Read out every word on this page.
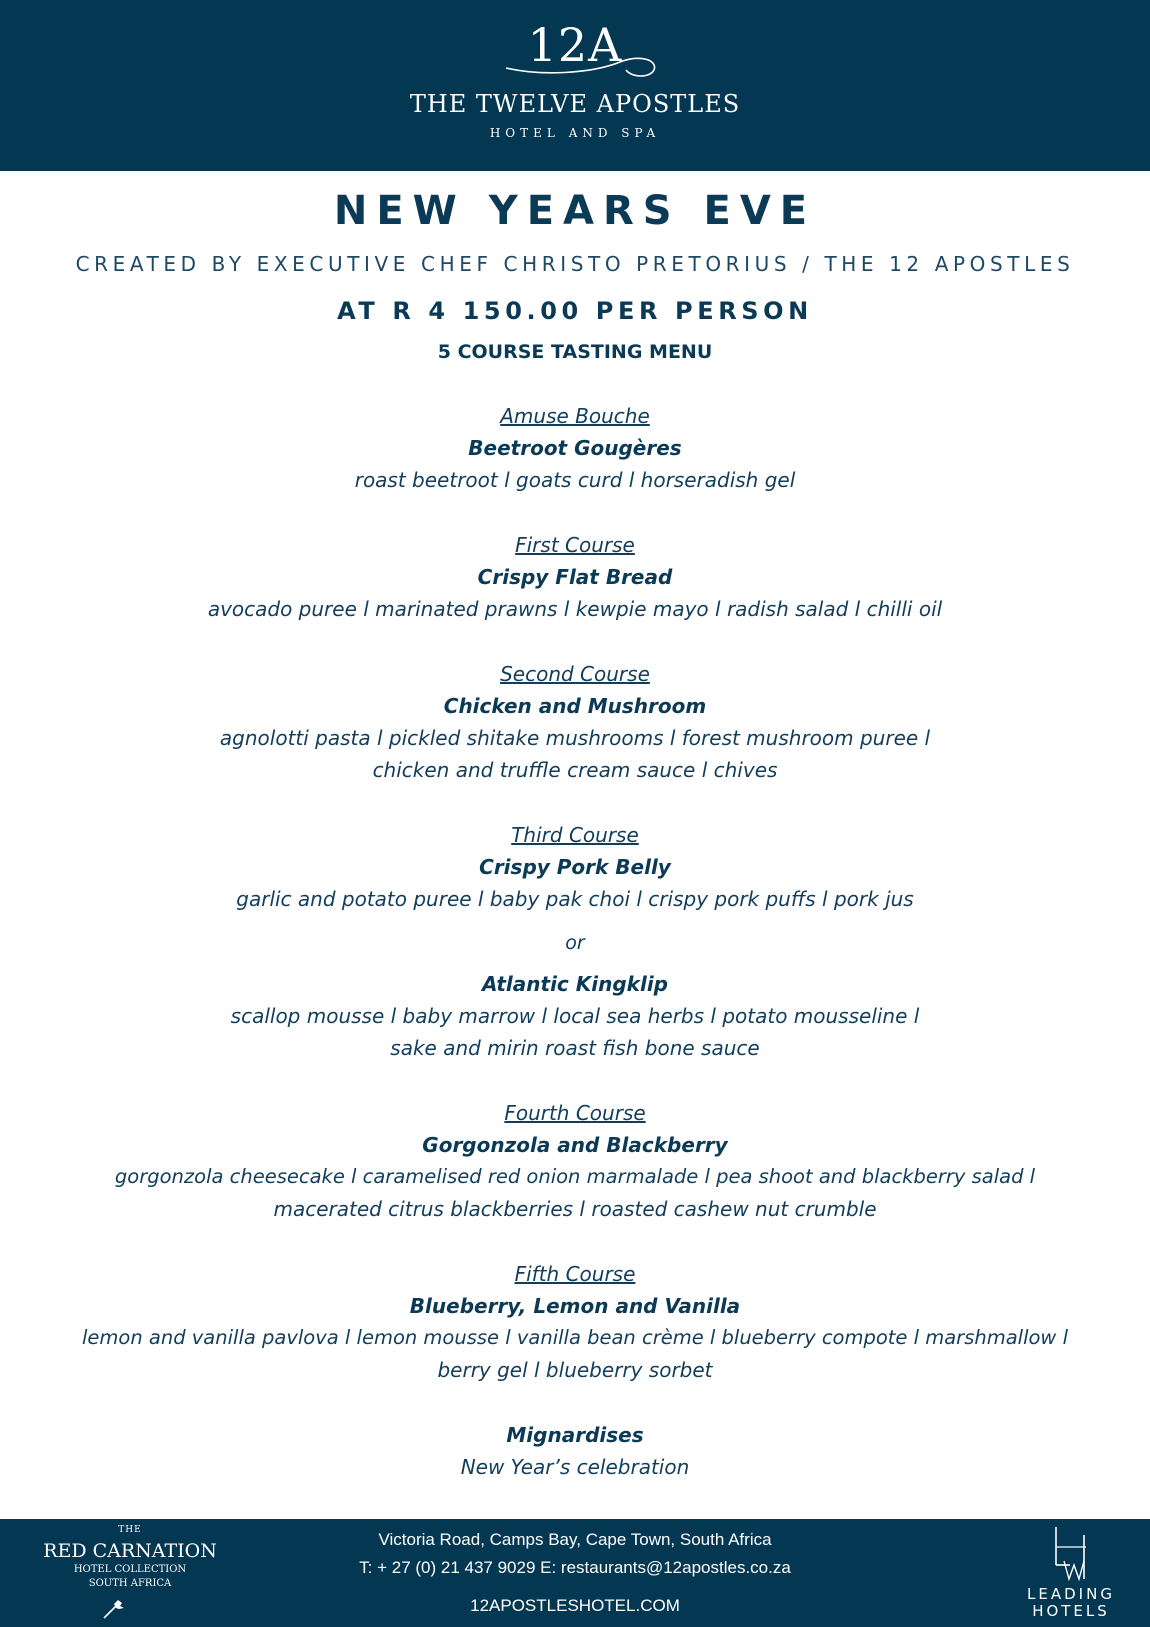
12A
THE TWELVE APOSTLES
HOTEL AND SPA
NEW YEARS EVE
CREATED BY EXECUTIVE CHEF CHRISTO PRETORIUS / THE 12 APOSTLES
AT R 4 150.00 PER PERSON
5 COURSE TASTING MENU
Amuse Bouche
Beetroot Gougères
roast beetroot l goats curd l horseradish gel
First Course
Crispy Flat Bread
avocado puree l marinated prawns l kewpie mayo l radish salad l chilli oil
Second Course
Chicken and Mushroom
agnolotti pasta l pickled shitake mushrooms l forest mushroom puree l
chicken and truffle cream sauce l chives
Third Course
Crispy Pork Belly
garlic and potato puree l baby pak choi l crispy pork puffs l pork jus
or
Atlantic Kingklip
scallop mousse l baby marrow l local sea herbs l potato mousseline l
sake and mirin roast fish bone sauce
Fourth Course
Gorgonzola and Blackberry
gorgonzola cheesecake l caramelised red onion marmalade l pea shoot and blackberry salad l
macerated citrus blackberries l roasted cashew nut crumble
Fifth Course
Blueberry, Lemon and Vanilla
lemon and vanilla pavlova l lemon mousse l vanilla bean crème l blueberry compote l marshmallow l
berry gel l blueberry sorbet
Mignardises
New Year’s celebration
THE
RED CARNATION
HOTEL COLLECTION
SOUTH AFRICA
Victoria Road, Camps Bay, Cape Town, South Africa
T: + 27 (0) 21 437 9029 E: restaurants@12apostles.co.za
12APOSTLESHOTEL.COM
LEADING
HOTELS
